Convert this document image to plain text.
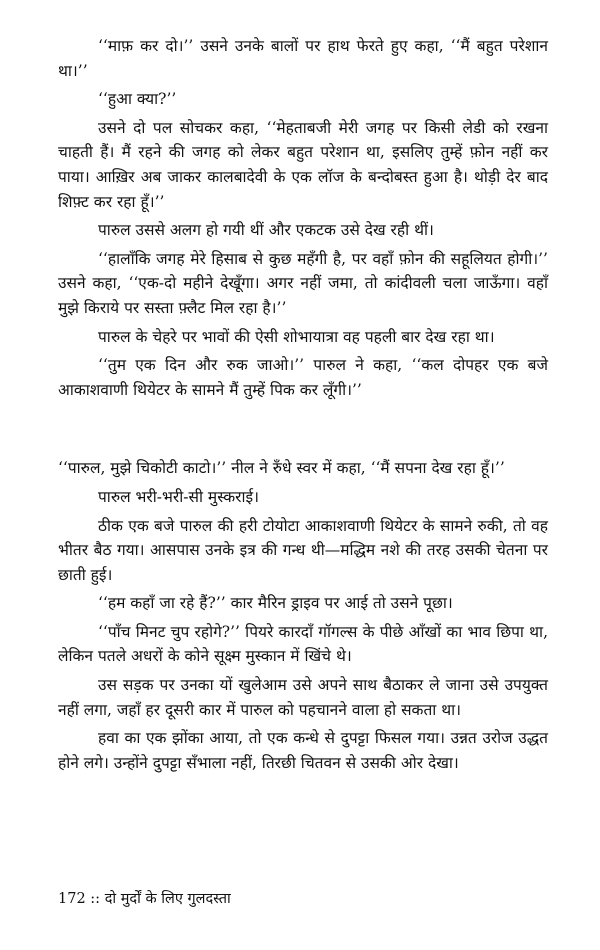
‘‘माफ़ कर दो।’’ उसने उनके बालों पर हाथ फेरते हुए कहा, ‘‘मैं बहुत परेशान था।’’

‘‘हुआ क्या?’’

उसने दो पल सोचकर कहा, ‘‘मेहताबजी मेरी जगह पर किसी लेडी को रखना चाहती हैं। मैं रहने की जगह को लेकर बहुत परेशान था, इसलिए तुम्हें फ़ोन नहीं कर पाया। आख़िर अब जाकर कालबादेवी के एक लॉज के बन्दोबस्त हुआ है। थोड़ी देर बाद शिफ़्ट कर रहा हूँ।’’

पारुल उससे अलग हो गयी थीं और एकटक उसे देख रही थीं।

‘‘हालाँकि जगह मेरे हिसाब से कुछ महँगी है, पर वहाँ फ़ोन की सहूलियत होगी।’’ उसने कहा, ‘‘एक-दो महीने देखूँगा। अगर नहीं जमा, तो कांदीवली चला जाऊँगा। वहाँ मुझे किराये पर सस्ता फ़्लैट मिल रहा है।’’

पारुल के चेहरे पर भावों की ऐसी शोभायात्रा वह पहली बार देख रहा था।

‘‘तुम एक दिन और रुक जाओ।’’ पारुल ने कहा, ‘‘कल दोपहर एक बजे आकाशवाणी थियेटर के सामने मैं तुम्हें पिक कर लूँगी।’’

‘‘पारुल, मुझे चिकोटी काटो।’’ नील ने रुँधे स्वर में कहा, ‘‘मैं सपना देख रहा हूँ।’’

पारुल भरी-भरी-सी मुस्कराई।

ठीक एक बजे पारुल की हरी टोयोटा आकाशवाणी थियेटर के सामने रुकी, तो वह भीतर बैठ गया। आसपास उनके इत्र की गन्ध थी—मद्धिम नशे की तरह उसकी चेतना पर छाती हुई।

‘‘हम कहाँ जा रहे हैं?’’ कार मैरिन ड्राइव पर आई तो उसने पूछा।

‘‘पाँच मिनट चुप रहोगे?’’ पियरे कारदाँ गॉगल्स के पीछे आँखों का भाव छिपा था, लेकिन पतले अधरों के कोने सूक्ष्म मुस्कान में खिंचे थे।

उस सड़क पर उनका यों खुलेआम उसे अपने साथ बैठाकर ले जाना उसे उपयुक्त नहीं लगा, जहाँ हर दूसरी कार में पारुल को पहचानने वाला हो सकता था।

हवा का एक झोंका आया, तो एक कन्धे से दुपट्टा फिसल गया। उन्नत उरोज उद्धत होने लगे। उन्होंने दुपट्टा सँभाला नहीं, तिरछी चितवन से उसकी ओर देखा।

172 :: दो मुर्दों के लिए गुलदस्ता
